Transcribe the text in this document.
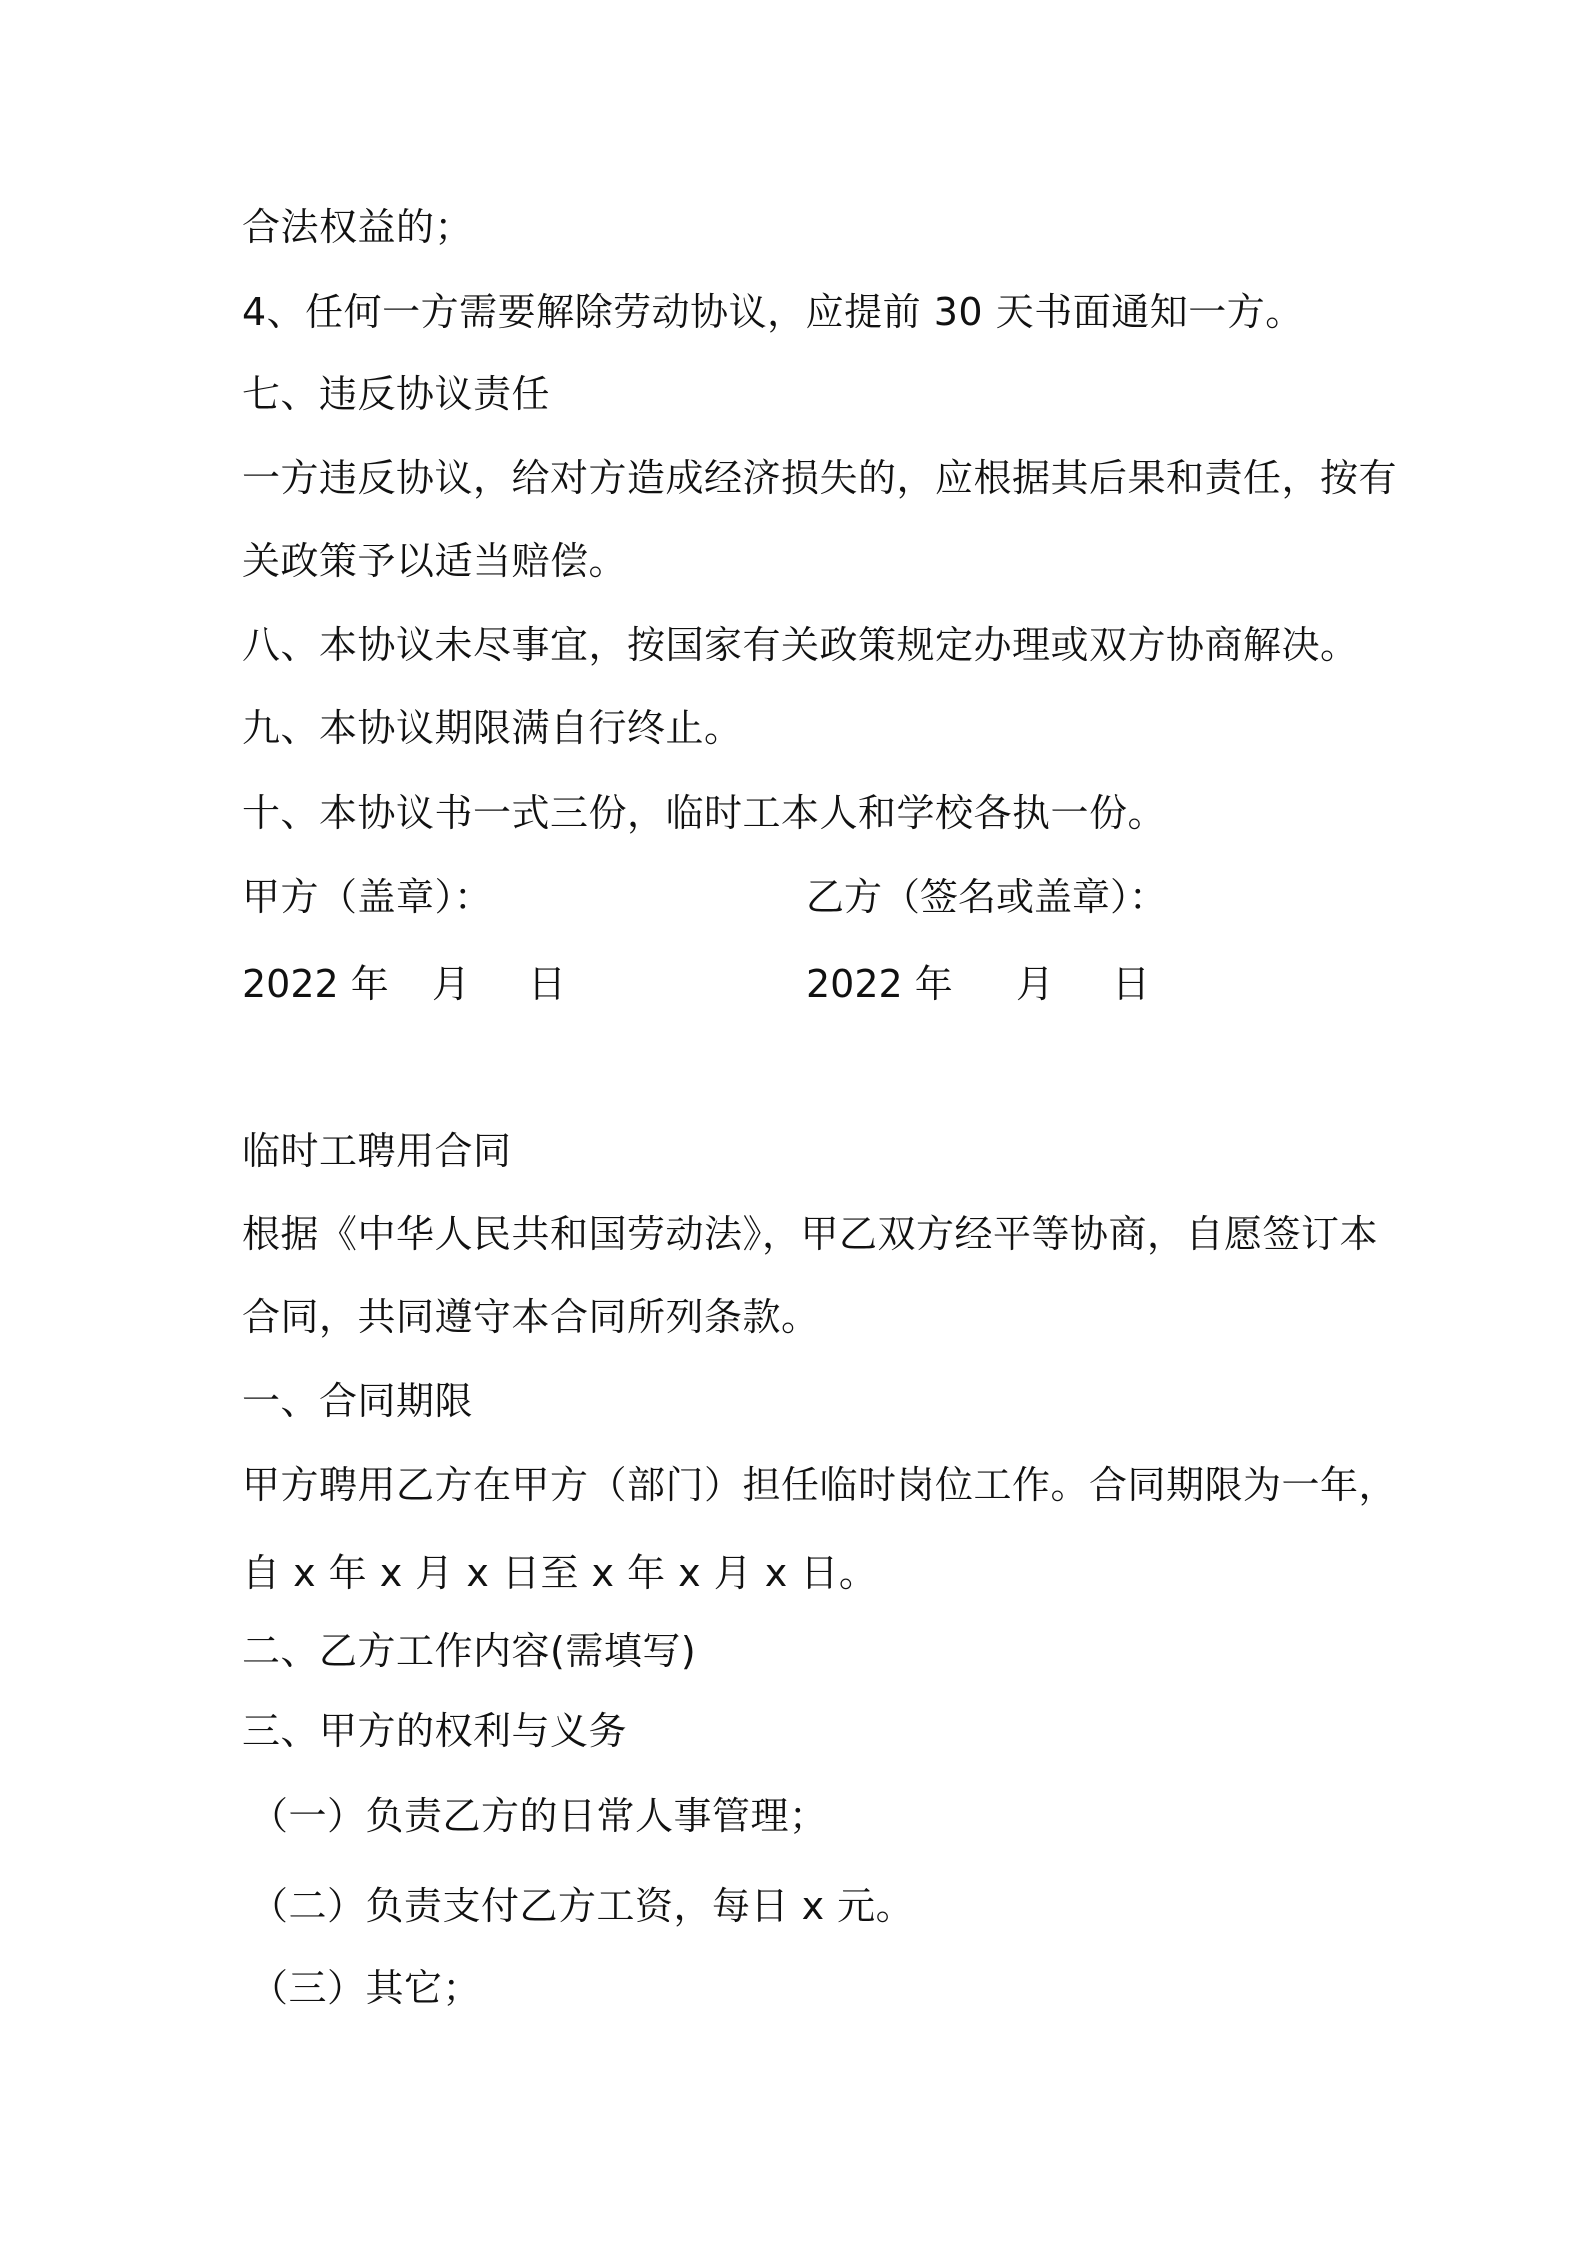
合法权益的；

4、任何一方需要解除劳动协议，应提前 30 天书面通知一方。

七、违反协议责任

一方违反协议，给对方造成经济损失的，应根据其后果和责任，按有

关政策予以适当赔偿。

八、本协议未尽事宜，按国家有关政策规定办理或双方协商解决。

九、本协议期限满自行终止。

十、本协议书一式三份，临时工本人和学校各执一份。

甲方（盖章）：	乙方（签名或盖章）：

2022 年 月 日	2022 年 月 日

临时工聘用合同

根据《中华人民共和国劳动法》，甲乙双方经平等协商，自愿签订本

合同，共同遵守本合同所列条款。

一、合同期限

甲方聘用乙方在甲方（部门）担任临时岗位工作。合同期限为一年，

自 x 年 x 月 x 日至 x 年 x 月 x 日。

二、乙方工作内容(需填写)

三、甲方的权利与义务

（一）负责乙方的日常人事管理；

（二）负责支付乙方工资，每日 x 元。

（三）其它；
